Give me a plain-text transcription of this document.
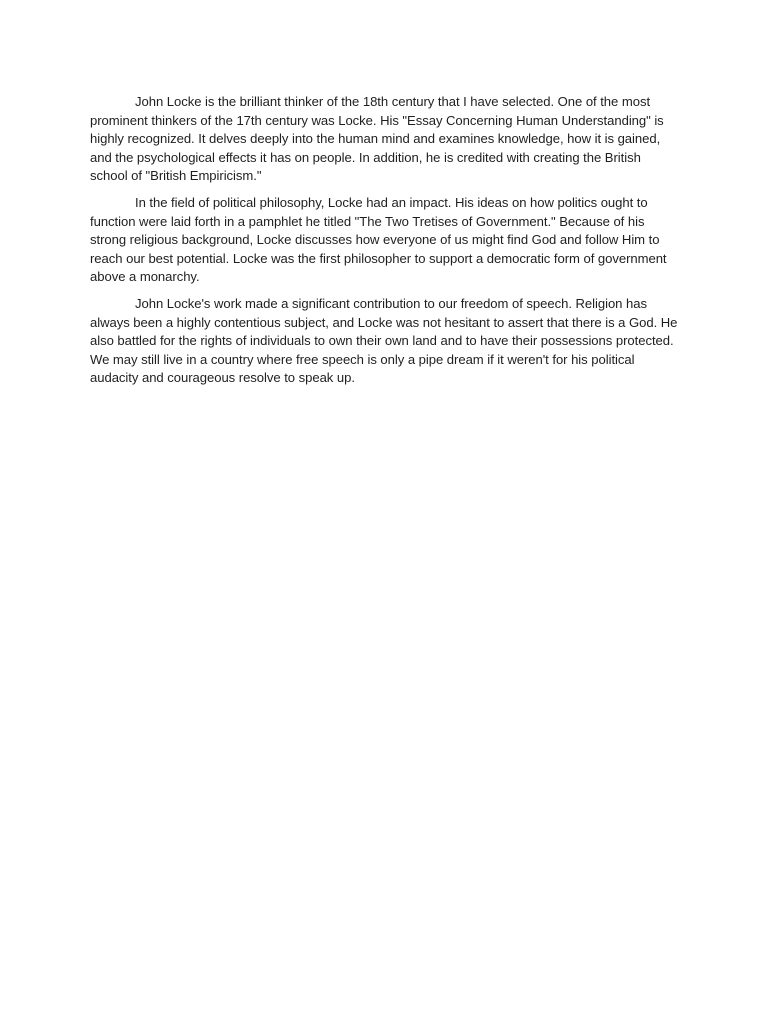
John Locke is the brilliant thinker of the 18th century that I have selected. One of the most prominent thinkers of the 17th century was Locke. His "Essay Concerning Human Understanding" is highly recognized. It delves deeply into the human mind and examines knowledge, how it is gained, and the psychological effects it has on people. In addition, he is credited with creating the British school of "British Empiricism."

In the field of political philosophy, Locke had an impact. His ideas on how politics ought to function were laid forth in a pamphlet he titled "The Two Tretises of Government." Because of his strong religious background, Locke discusses how everyone of us might find God and follow Him to reach our best potential. Locke was the first philosopher to support a democratic form of government above a monarchy.

John Locke's work made a significant contribution to our freedom of speech. Religion has always been a highly contentious subject, and Locke was not hesitant to assert that there is a God. He also battled for the rights of individuals to own their own land and to have their possessions protected. We may still live in a country where free speech is only a pipe dream if it weren't for his political audacity and courageous resolve to speak up.
